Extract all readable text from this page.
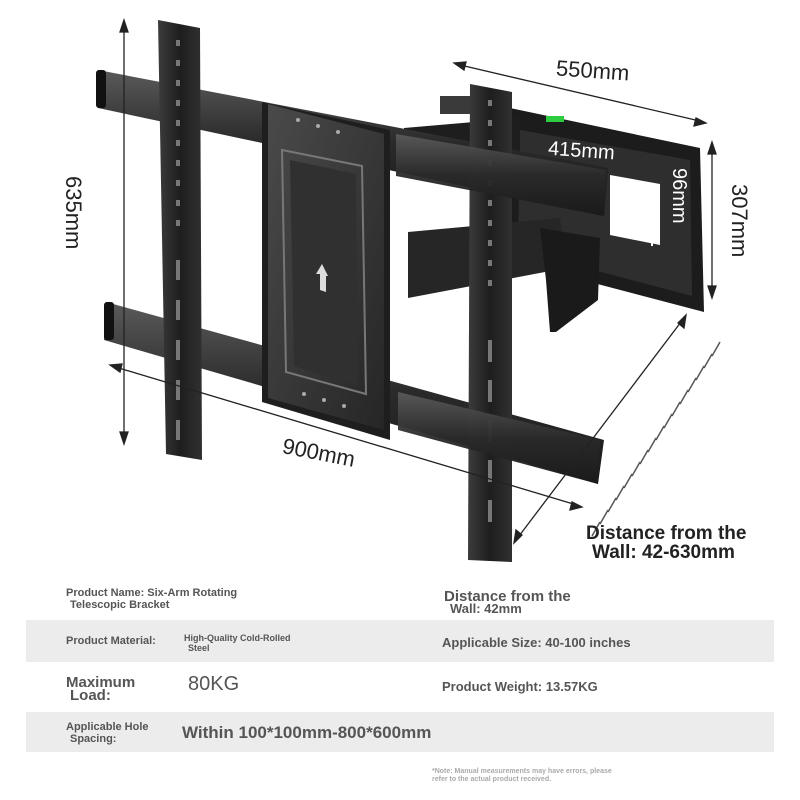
550mm
415mm
635mm	96mm 307mm
900mm
Distance from the
Wall: 42-630mm
Product Name: Six-Arm Rotating
Telescopic Bracket	Distance from the
Wall: 42mm
Product Material:	High-Quality Cold-Rolled
Steel	Applicable Size: 40-100 inches
Maximum
Load:
80KG	Product Weight: 13.57KG
Applicable Hole
Spacing:	Within 100*100mm-800*600mm
*Note: Manual measurements may have errors, please
refer to the actual product received.
